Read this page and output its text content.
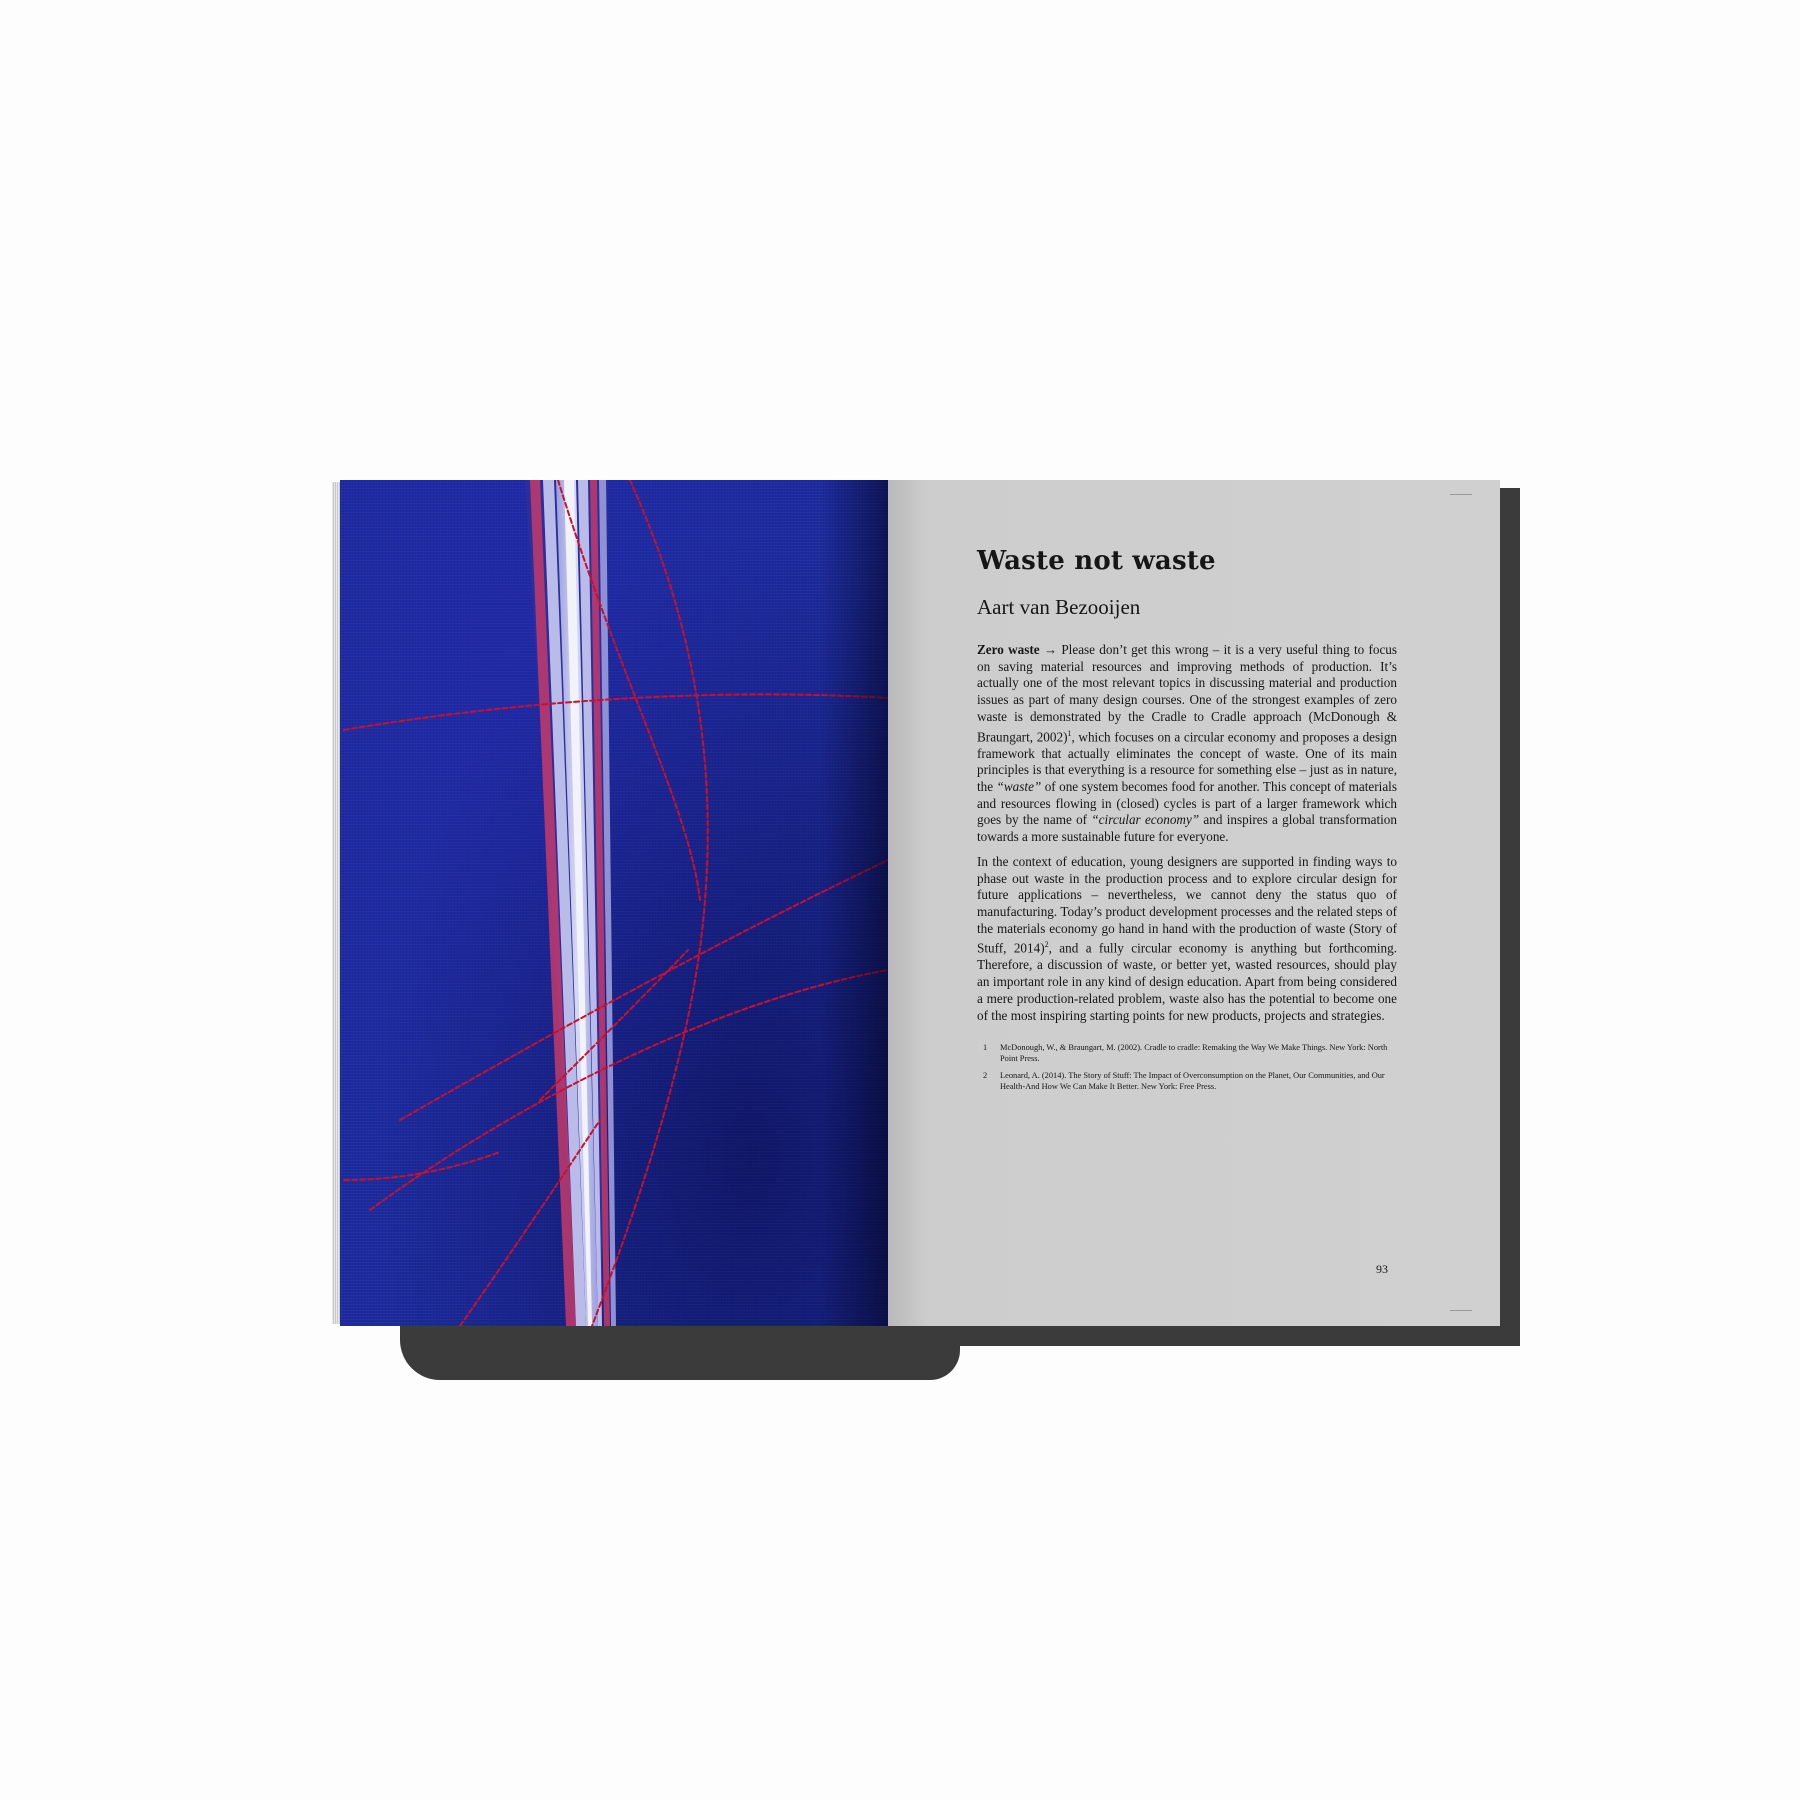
Waste not waste
Aart van Bezooijen

Zero waste → Please don’t get this wrong – it is a very useful thing to focus on saving material resources and improving methods of production. It’s actually one of the most relevant topics in discussing material and production issues as part of many design courses. One of the strongest examples of zero waste is demonstrated by the Cradle to Cradle approach (McDonough & Braungart, 2002)$^1$, which focuses on a circular economy and proposes a design framework that actually eliminates the concept of waste. One of its main principles is that everything is a resource for something else – just as in nature, the “waste” of one system becomes food for another. This concept of materials and resources flowing in (closed) cycles is part of a larger framework which goes by the name of “circular economy” and inspires a global transformation towards a more sustainable future for everyone.

In the context of education, young designers are supported in finding ways to phase out waste in the production process and to explore circular design for future applications – nevertheless, we cannot deny the status quo of manufacturing. Today’s product development processes and the related steps of the materials economy go hand in hand with the production of waste (Story of Stuff, 2014)$^2$, and a fully circular economy is anything but forthcoming. Therefore, a discussion of waste, or better yet, wasted resources, should play an important role in any kind of design education. Apart from being considered a mere production-related problem, waste also has the potential to become one of the most inspiring starting points for new products, projects and strategies.

1	McDonough, W., & Braungart, M. (2002). Cradle to cradle: Remaking the Way We Make Things. New York: North Point Press.
2	Leonard, A. (2014). The Story of Stuff: The Impact of Overconsumption on the Planet, Our Communities, and Our Health-And How We Can Make It Better. New York: Free Press.
93
